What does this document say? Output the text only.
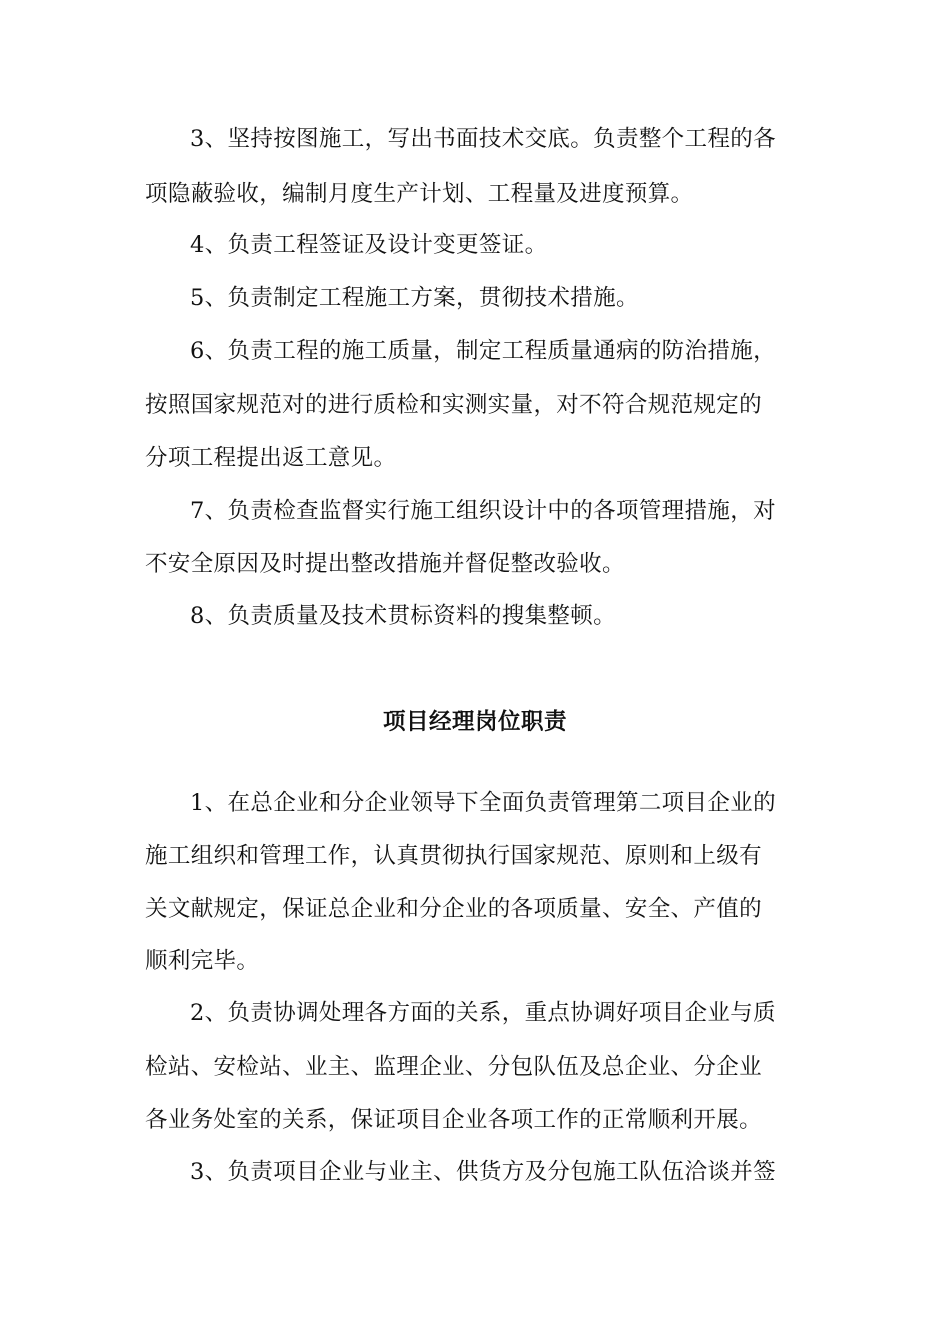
3、坚持按图施工，写出书面技术交底。负责整个工程的各
项隐蔽验收，编制月度生产计划、工程量及进度预算。
4、负责工程签证及设计变更签证。
5、负责制定工程施工方案，贯彻技术措施。
6、负责工程的施工质量，制定工程质量通病的防治措施，
按照国家规范对的进行质检和实测实量，对不符合规范规定的
分项工程提出返工意见。
7、负责检查监督实行施工组织设计中的各项管理措施，对
不安全原因及时提出整改措施并督促整改验收。
8、负责质量及技术贯标资料的搜集整顿。
项目经理岗位职责
1、在总企业和分企业领导下全面负责管理第二项目企业的
施工组织和管理工作，认真贯彻执行国家规范、原则和上级有
关文献规定，保证总企业和分企业的各项质量、安全、产值的
顺利完毕。
2、负责协调处理各方面的关系，重点协调好项目企业与质
检站、安检站、业主、监理企业、分包队伍及总企业、分企业
各业务处室的关系，保证项目企业各项工作的正常顺利开展。
3、负责项目企业与业主、供货方及分包施工队伍洽谈并签
